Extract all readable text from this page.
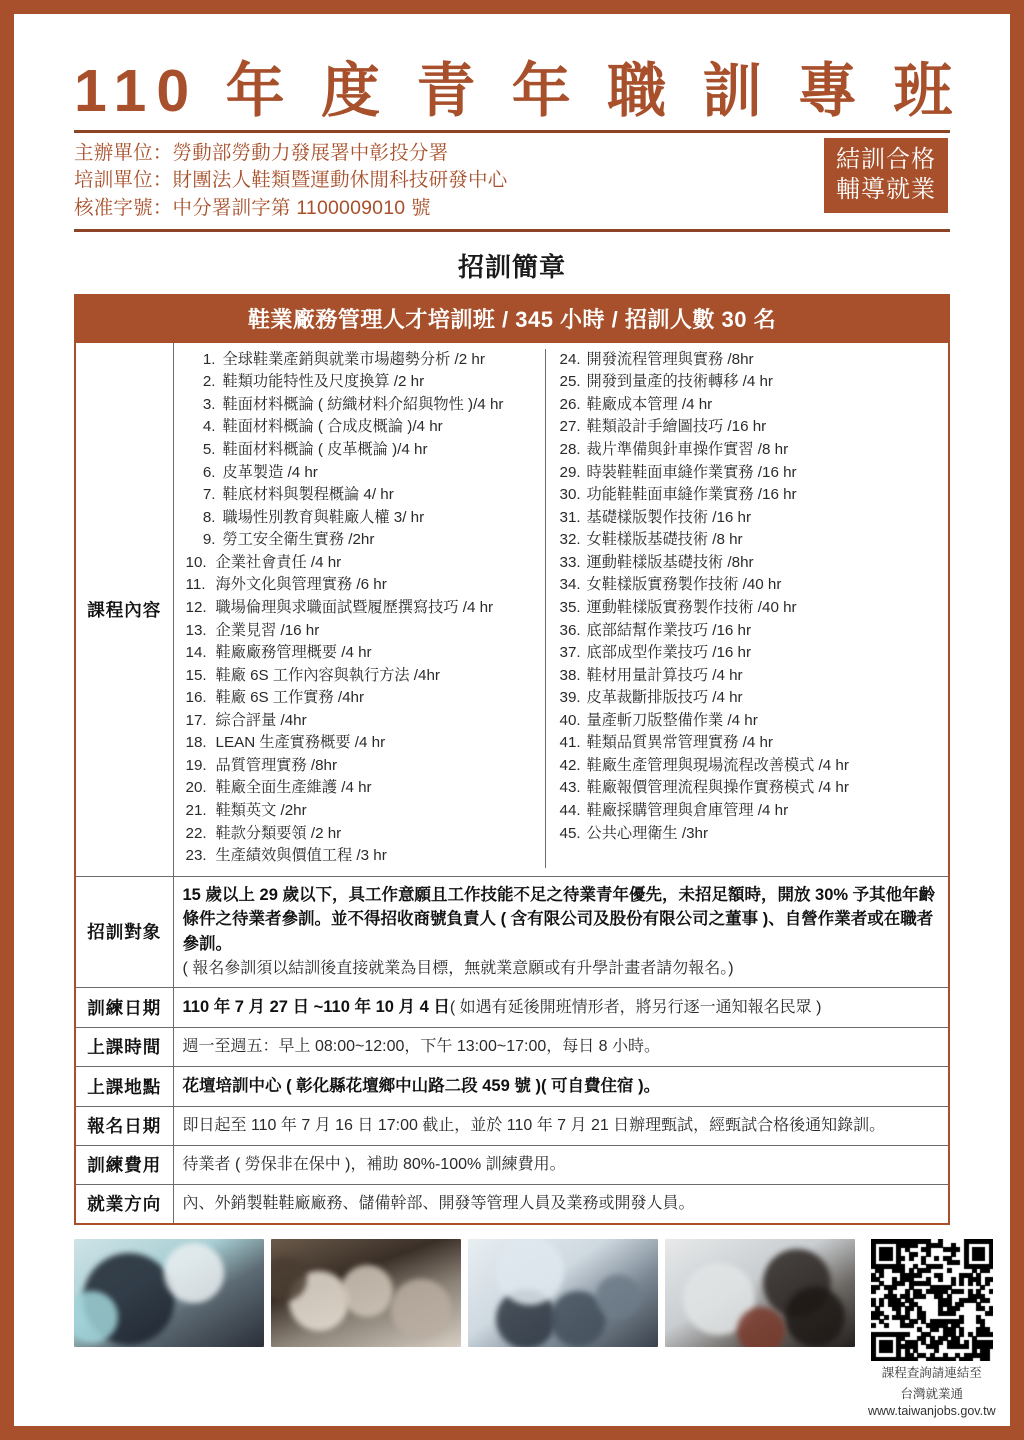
110 年 度 青 年 職 訓 專 班
主辦單位：勞動部勞動力發展署中彰投分署
培訓單位：財團法人鞋類暨運動休閒科技研發中心
核准字號：中分署訓字第 1100009010 號
結訓合格
輔導就業
招訓簡章
鞋業廠務管理人才培訓班 / 345 小時 / 招訓人數 30 名	
課程內容	
1. 全球鞋業產銷與就業市場趨勢分析 /2 hr
2. 鞋類功能特性及尺度換算 /2 hr
3. 鞋面材料概論 ( 紡織材料介紹與物性 )/4 hr
4. 鞋面材料概論 ( 合成皮概論 )/4 hr
5. 鞋面材料概論 ( 皮革概論 )/4 hr
6. 皮革製造 /4 hr
7. 鞋底材料與製程概論 4/ hr
8. 職場性別教育與鞋廠人權 3/ hr
9. 勞工安全衛生實務 /2hr
10. 企業社會責任 /4 hr
11. 海外文化與管理實務 /6 hr
12. 職場倫理與求職面試暨履歷撰寫技巧 /4 hr
13. 企業見習 /16 hr
14. 鞋廠廠務管理概要 /4 hr
15. 鞋廠 6S 工作內容與執行方法 /4hr
16. 鞋廠 6S 工作實務 /4hr
17. 綜合評量 /4hr
18. LEAN 生產實務概要 /4 hr
19. 品質管理實務 /8hr
20. 鞋廠全面生產維護 /4 hr
21. 鞋類英文 /2hr
22. 鞋款分類要領 /2 hr
23. 生產績效與價值工程 /3 hr
24. 開發流程管理與實務 /8hr
25. 開發到量產的技術轉移 /4 hr
26. 鞋廠成本管理 /4 hr
27. 鞋類設計手繪圖技巧 /16 hr
28. 裁片準備與針車操作實習 /8 hr
29. 時裝鞋鞋面車縫作業實務 /16 hr
30. 功能鞋鞋面車縫作業實務 /16 hr
31. 基礎樣版製作技術 /16 hr
32. 女鞋樣版基礎技術 /8 hr
33. 運動鞋樣版基礎技術 /8hr
34. 女鞋樣版實務製作技術 /40 hr
35. 運動鞋樣版實務製作技術 /40 hr
36. 底部結幫作業技巧 /16 hr
37. 底部成型作業技巧 /16 hr
38. 鞋材用量計算技巧 /4 hr
39. 皮革裁斷排版技巧 /4 hr
40. 量產斬刀版整備作業 /4 hr
41. 鞋類品質異常管理實務 /4 hr
42. 鞋廠生產管理與現場流程改善模式 /4 hr
43. 鞋廠報價管理流程與操作實務模式 /4 hr
44. 鞋廠採購管理與倉庫管理 /4 hr
45. 公共心理衛生 /3hr

招訓對象	15 歲以上 29 歲以下，具工作意願且工作技能不足之待業青年優先，未招足額時，開放 30% 予其他年齡條件之待業者參訓。並不得招收商號負責人 ( 含有限公司及股份有限公司之董事 )、自營作業者或在職者參訓。
( 報名參訓須以結訓後直接就業為目標，無就業意願或有升學計畫者請勿報名。)

訓練日期	110 年 7 月 27 日 ~110 年 10 月 4 日( 如遇有延後開班情形者，將另行逐一通知報名民眾 )
上課時間	週一至週五：早上 08:00~12:00，下午 13:00~17:00，每日 8 小時。
上課地點	花壇培訓中心 ( 彰化縣花壇鄉中山路二段 459 號 )( 可自費住宿 )。
報名日期	即日起至 110 年 7 月 16 日 17:00 截止，並於 110 年 7 月 21 日辦理甄試，經甄試合格後通知錄訓。
訓練費用	待業者 ( 勞保非在保中 )，補助 80%-100% 訓練費用。
就業方向	內、外銷製鞋鞋廠廠務、儲備幹部、開發等管理人員及業務或開發人員。
課程查詢請連結至
台灣就業通
www.taiwanjobs.gov.tw
